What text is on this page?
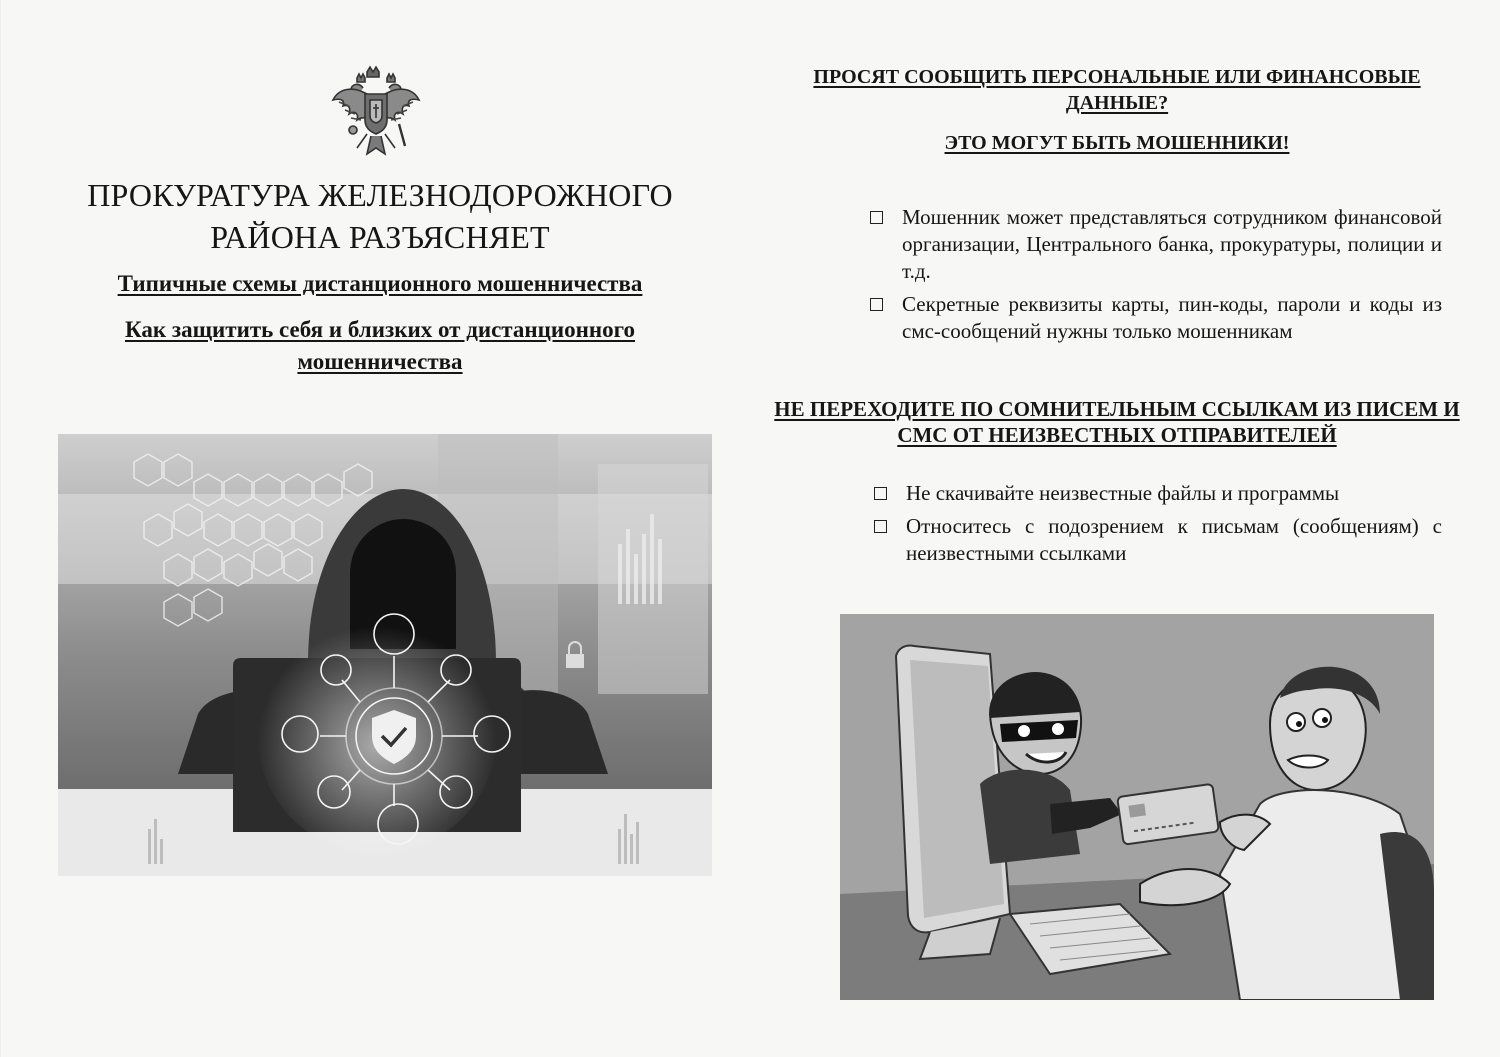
ПРОКУРАТУРА ЖЕЛЕЗНОДОРОЖНОГО
РАЙОНА РАЗЪЯСНЯЕТ

Типичные схемы дистанционного мошенничества

Как защитить себя и близких от дистанционного мошенничества

ПРОСЯТ СООБЩИТЬ ПЕРСОНАЛЬНЫЕ ИЛИ ФИНАНСОВЫЕ ДАННЫЕ?

ЭТО МОГУТ БЫТЬ МОШЕННИКИ!

Мошенник может представляться сотрудником финансовой организации, Центрального банка, прокуратуры, полиции и т.д.
Секретные реквизиты карты, пин-коды, пароли и коды из смс-сообщений нужны только мошенникам

НЕ ПЕРЕХОДИТЕ ПО СОМНИТЕЛЬНЫМ ССЫЛКАМ ИЗ ПИСЕМ И СМС ОТ НЕИЗВЕСТНЫХ ОТПРАВИТЕЛЕЙ

Не скачивайте неизвестные файлы и программы
Относитесь с подозрением к письмам (сообщениям) с неизвестными ссылками
